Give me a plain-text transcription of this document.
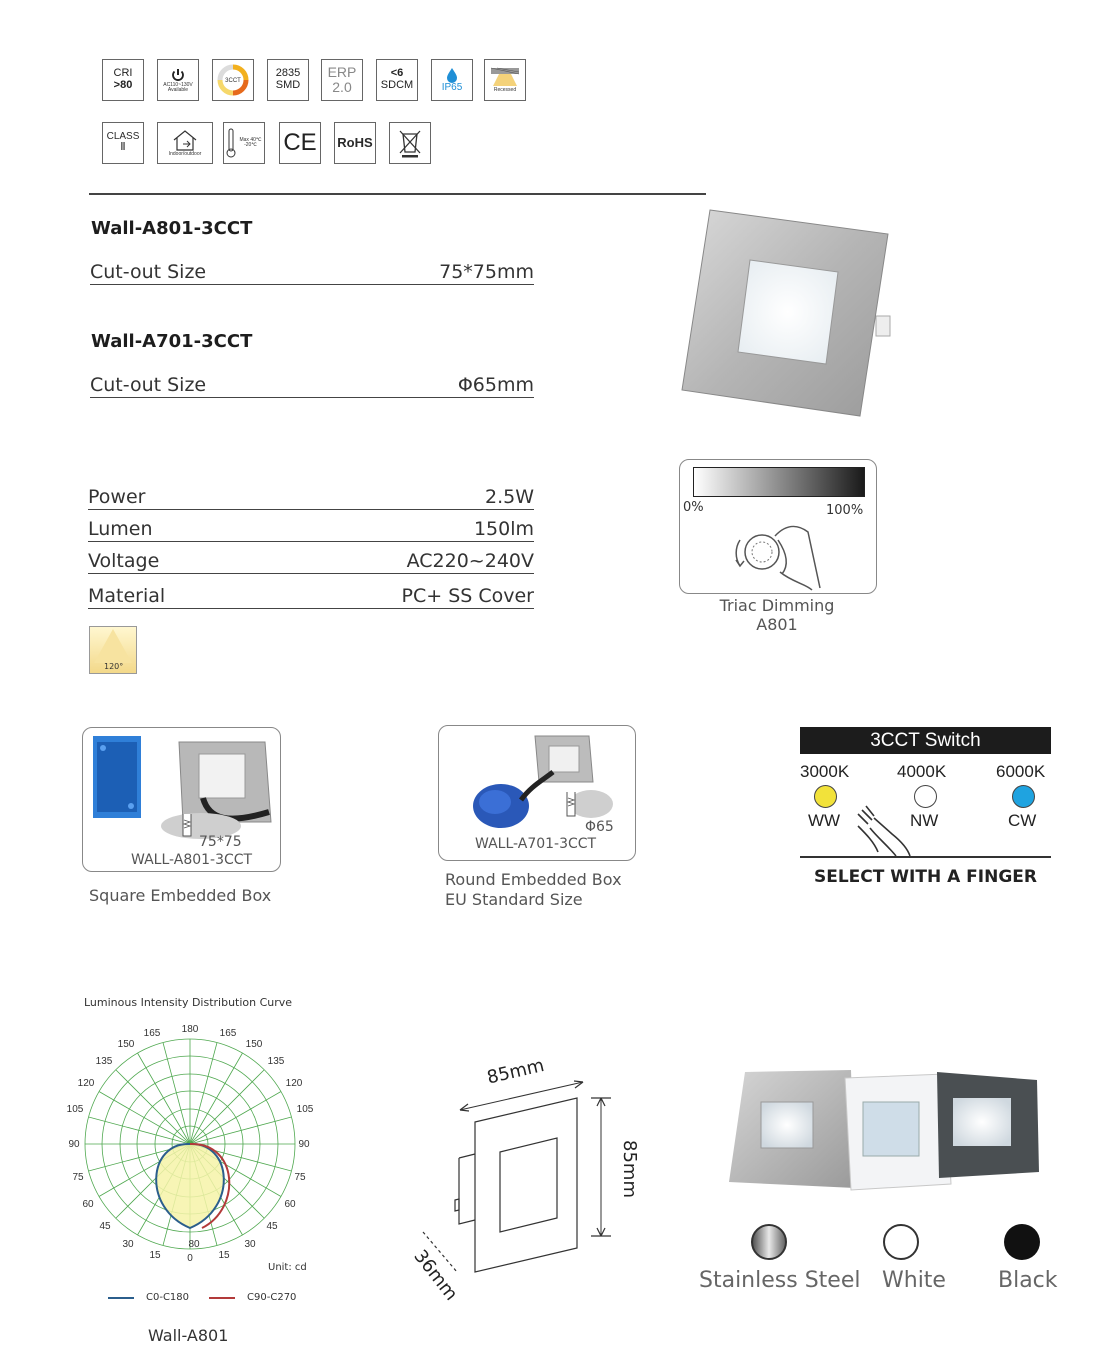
CRI
>80	AC110~130V
Available
3CCT
2835
SMD
ERP
2.0
<6
SDCM	IP65	Recessed
CLASS
Ⅱ
Indoor/outdoor
Max 40℃
-20℃ CE RoHS
Wall-A801-3CCT
Cut-out Size	75*75mm
Wall-A701-3CCT
Cut-out Size	Φ65mm
Power	2.5W
Lumen	150lm
Voltage	AC220~240V
Material	PC+ SS Cover
120°
0%	100%
Triac Dimming
A801
75*75
WALL-A801-3CCT
Square Embedded Box
Φ65
WALL-A701-3CCT
Round Embedded Box
EU Standard Size
3CCT Switch
3000K	4000K	6000K
WW	NW	CW
SELECT WITH A FINGER
Luminous Intensity Distribution Curve
180
165	165
150	150
135	135
120	120
105	105
90	90
75	75
60	60
45	45
30	30
15	15
0
80
Unit: cd
C0-C180	C90-C270
Wall-A801
85mm
85mm
36mm	Stainless Steel White Black
